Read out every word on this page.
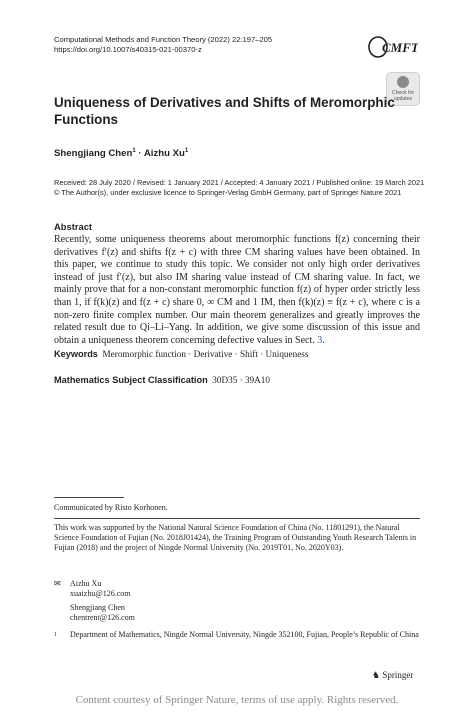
Computational Methods and Function Theory (2022) 22:197–205
https://doi.org/10.1007/s40315-021-00370-z	CMFT
Check for updates
Uniqueness of Derivatives and Shifts of Meromorphic Functions
Shengjiang Chen$^1$ · Aizhu Xu$^1$
Received: 28 July 2020 / Revised: 1 January 2021 / Accepted: 4 January 2021 / Published online: 19 March 2021
© The Author(s), under exclusive licence to Springer-Verlag GmbH Germany, part of Springer Nature 2021
Abstract
Recently, some uniqueness theorems about meromorphic functions f(z) concerning their derivatives f′(z) and shifts f(z + c) with three CM sharing values have been obtained. In this paper, we continue to study this topic. We consider not only high order derivatives instead of just f′(z), but also IM sharing value instead of CM sharing value. In fact, we mainly prove that for a non-constant meromorphic function f(z) of hyper order strictly less than 1, if f(k)(z) and f(z + c) share 0, ∞ CM and 1 IM, then f(k)(z) ≡ f(z + c), where c is a non-zero finite complex number. Our main theorem generalizes and greatly improves the related result due to Qi–Li–Yang. In addition, we give some discussion of this issue and obtain a uniqueness theorem concerning defective values in Sect. 3.
Keywords Meromorphic function · Derivative · Shift · Uniqueness
Mathematics Subject Classification 30D35 · 39A10
Communicated by Risto Korhonen.
This work was supported by the National Natural Science Foundation of China (No. 11801291), the Natural Science Foundation of Fujian (No. 2018J01424), the Training Program of Outstanding Youth Research Talents in Fujian (2018) and the project of Ningde Normal University (No. 2019T01, No. 2020Y03).
✉ Aizhu Xu
xuaizhu@126.com
Shengjiang Chen
chentrent@126.com
1 Department of Mathematics, Ningde Normal University, Ningde 352100, Fujian, People’s Republic of China
♞ Springer
Content courtesy of Springer Nature, terms of use apply. Rights reserved.
